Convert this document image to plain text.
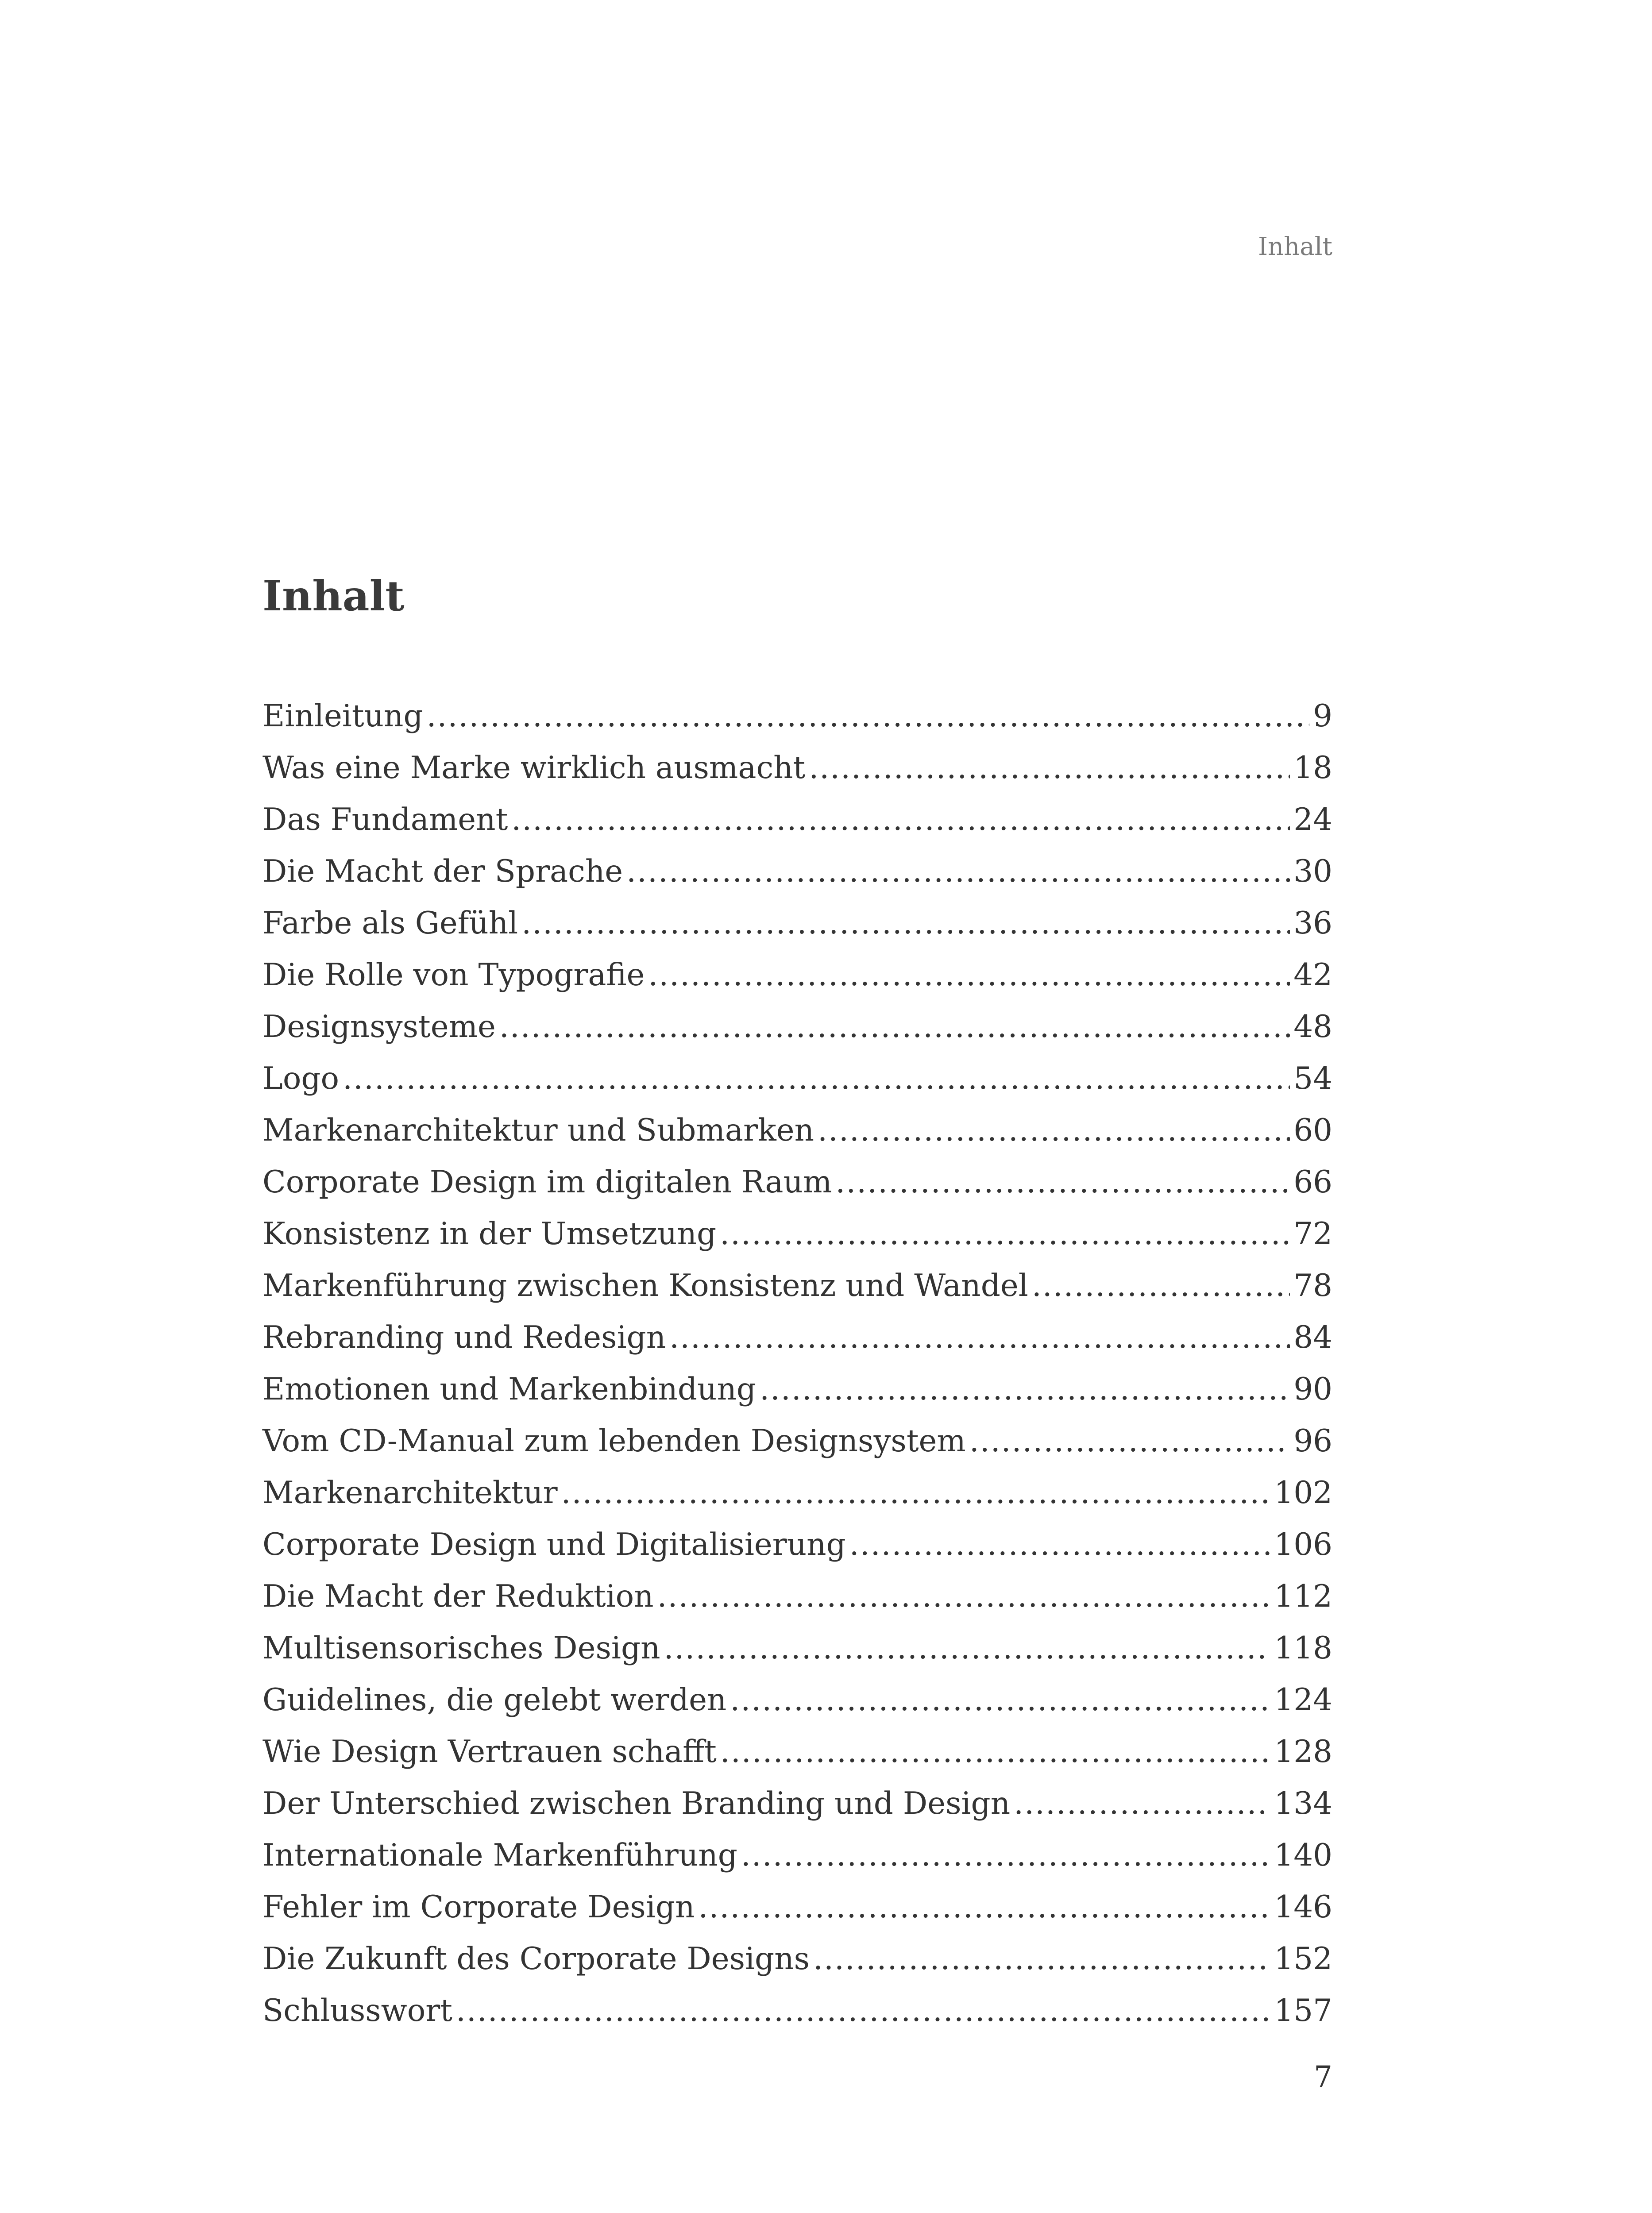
Inhalt
Inhalt
Einleitung .....	9
Was eine Marke wirklich ausmacht .....	18
Das Fundament .....	24
Die Macht der Sprache .....	30
Farbe als Gefühl .....	36
Die Rolle von Typografie .....	42
Designsysteme .....	48
Logo .....	54
Markenarchitektur und Submarken .....	60
Corporate Design im digitalen Raum .....	66
Konsistenz in der Umsetzung .....	72
Markenführung zwischen Konsistenz und Wandel .....	78
Rebranding und Redesign .....	84
Emotionen und Markenbindung .....	90
Vom CD-Manual zum lebenden Designsystem .....	96
Markenarchitektur .....	102
Corporate Design und Digitalisierung .....	106
Die Macht der Reduktion .....	112
Multisensorisches Design .....	118
Guidelines, die gelebt werden .....	124
Wie Design Vertrauen schafft .....	128
Der Unterschied zwischen Branding und Design .....	134
Internationale Markenführung .....	140
Fehler im Corporate Design .....	146
Die Zukunft des Corporate Designs .....	152
Schlusswort .....	157
7
